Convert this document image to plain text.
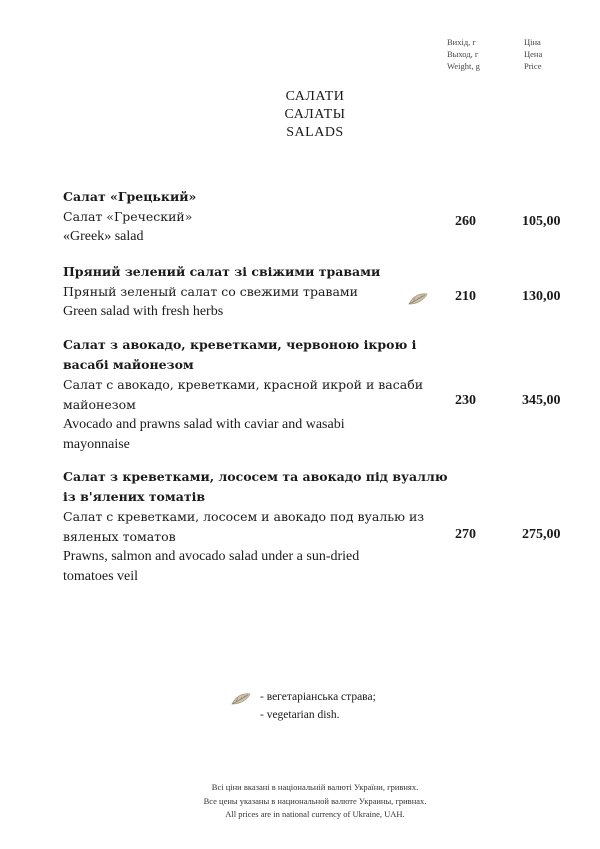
Вихід, г
Выход, г
Weight, g
Ціна
Цена
Price
САЛАТИ
САЛАТЫ
SALADS
Салат «Грецький»
Салат «Греческий»
«Greek» salad
260	105,00
Пряний зелений салат зі свіжими травами
Пряный зеленый салат со свежими травами
Green salad with fresh herbs
210	130,00
Салат з авокадо, креветками, червоною ікрою і
васабі майонезом
Салат с авокадо, креветками, красной икрой и васаби
майонезом
Avocado and prawns salad with caviar and wasabi
mayonnaise
230	345,00
Салат з креветками, лососем та авокадо під вуаллю
із в'ялених томатів
Салат с креветками, лососем и авокадо под вуалью из
вяленых томатов
Prawns, salmon and avocado salad under a sun-dried
tomatoes veil
270	275,00
- вегетаріанська страва;
- vegetarian dish.
Всі ціни вказані в національній валюті України, гривнях.
Все цены указаны в национальной валюте Украины, гривнах.
All prices are in national currency of Ukraine, UAH.
